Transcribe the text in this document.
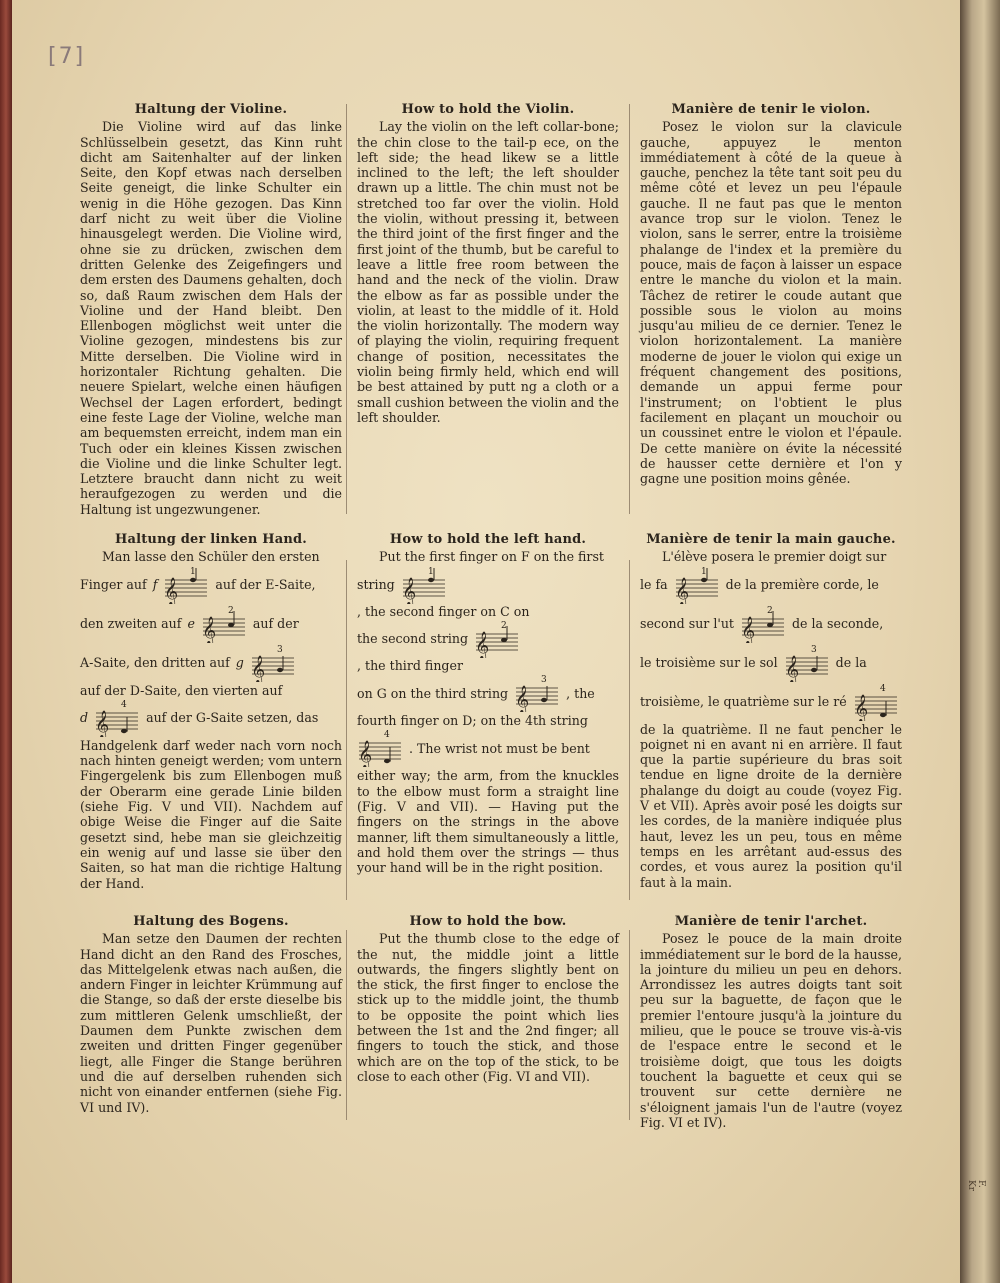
F. Kr
[7]
Haltung der Violine.

Die Violine wird auf das linke Schlüsselbein gesetzt, das Kinn ruht dicht am Saitenhalter auf der linken Seite, den Kopf etwas nach derselben Seite geneigt, die linke Schulter ein wenig in die Höhe gezogen. Das Kinn darf nicht zu weit über die Violine hinausgelegt werden. Die Violine wird, ohne sie zu drücken, zwischen dem dritten Gelenke des Zeigefingers und dem ersten des Daumens gehalten, doch so, daß Raum zwischen dem Hals der Violine und der Hand bleibt. Den Ellenbogen möglichst weit unter die Violine gezogen, mindestens bis zur Mitte derselben. Die Violine wird in horizontaler Richtung gehalten. Die neuere Spielart, welche einen häufigen Wechsel der Lagen erfordert, bedingt eine feste Lage der Violine, welche man am bequemsten erreicht, indem man ein Tuch oder ein kleines Kissen zwischen die Violine und die linke Schulter legt. Letztere braucht dann nicht zu weit heraufgezogen zu werden und die Haltung ist ungezwungener.

Haltung der linken Hand.

Man lasse den Schüler den ersten

Finger auf f 𝄞
1
auf der E-Saite,
den zweiten auf e 𝄞
2
auf der
A-Saite, den dritten auf g 𝄞
3

auf der D-Saite, den vierten auf

d 𝄞
4
auf der G-Saite setzen, das

Handgelenk darf weder nach vorn noch nach hinten geneigt werden; vom untern Fingergelenk bis zum Ellenbogen muß der Oberarm eine gerade Linie bilden (siehe Fig. V und VII). Nachdem auf obige Weise die Finger auf die Saite gesetzt sind, hebe man sie gleichzeitig ein wenig auf und lasse sie über den Saiten, so hat man die richtige Haltung der Hand.

Haltung des Bogens.

Man setze den Daumen der rechten Hand dicht an den Rand des Frosches, das Mittelgelenk etwas nach außen, die andern Finger in leichter Krümmung auf die Stange, so daß der erste dieselbe bis zum mittleren Gelenk umschließt, der Daumen dem Punkte zwischen dem zweiten und dritten Finger gegenüber liegt, alle Finger die Stange berühren und die auf derselben ruhenden sich nicht von einander entfernen (siehe Fig. VI und IV).

How to hold the Violin.

Lay the violin on the left collar-bone; the chin close to the tail-p ece, on the left side; the head likew se a little inclined to the left; the left shoulder drawn up a little. The chin must not be stretched too far over the violin. Hold the violin, without pressing it, between the third joint of the first finger and the first joint of the thumb, but be careful to leave a little free room between the hand and the neck of the violin. Draw the elbow as far as possible under the violin, at least to the middle of it. Hold the violin horizontally. The modern way of playing the violin, requiring frequent change of position, necessitates the violin being firmly held, which end will be best attained by putt ng a cloth or a small cushion between the violin and the left shoulder.

How to hold the left hand.

Put the first finger on F on the first

string 𝄞
1
, the second finger on C on
the second string 𝄞
2
, the third finger
on G on the third string 𝄞
3
, the

fourth finger on D; on the 4th string

𝄞
4
. The wrist not must be bent

either way; the arm, from the knuckles to the elbow must form a straight line (Fig. V and VII). — Having put the fingers on the strings in the above manner, lift them simultaneously a little, and hold them over the strings — thus your hand will be in the right position.

How to hold the bow.

Put the thumb close to the edge of the nut, the middle joint a little outwards, the fingers slightly bent on the stick, the first finger to enclose the stick up to the middle joint, the thumb to be opposite the point which lies between the 1st and the 2nd finger; all fingers to touch the stick, and those which are on the top of the stick, to be close to each other (Fig. VI and VII).

Manière de tenir le violon.

Posez le violon sur la clavicule gauche, appuyez le menton immédiatement à côté de la queue à gauche, penchez la tête tant soit peu du même côté et levez un peu l'épaule gauche. Il ne faut pas que le menton avance trop sur le violon. Tenez le violon, sans le serrer, entre la troisième phalange de l'index et la première du pouce, mais de façon à laisser un espace entre le manche du violon et la main. Tâchez de retirer le coude autant que possible sous le violon au moins jusqu'au milieu de ce dernier. Tenez le violon horizontalement. La manière moderne de jouer le violon qui exige un fréquent changement des positions, demande un appui ferme pour l'instrument; on l'obtient le plus facilement en plaçant un mouchoir ou un coussinet entre le violon et l'épaule. De cette manière on évite la nécessité de hausser cette dernière et l'on y gagne une position moins gênée.

Manière de tenir la main gauche.

L'élève posera le premier doigt sur

le fa 𝄞
1
de la première corde, le
second sur l'ut 𝄞
2
de la seconde,
le troisième sur le sol 𝄞
3
de la
troisième, le quatrième sur le ré 𝄞
4

de la quatrième. Il ne faut pencher le poignet ni en avant ni en arrière. Il faut que la partie supérieure du bras soit tendue en ligne droite de la dernière phalange du doigt au coude (voyez Fig. V et VII). Après avoir posé les doigts sur les cordes, de la manière indiquée plus haut, levez les un peu, tous en même temps en les arrêtant aud-essus des cordes, et vous aurez la position qu'il faut à la main.

Manière de tenir l'archet.

Posez le pouce de la main droite immédiatement sur le bord de la hausse, la jointure du milieu un peu en dehors. Arrondissez les autres doigts tant soit peu sur la baguette, de façon que le premier l'entoure jusqu'à la jointure du milieu, que le pouce se trouve vis-à-vis de l'espace entre le second et le troisième doigt, que tous les doigts touchent la baguette et ceux qui se trouvent sur cette dernière ne s'éloignent jamais l'un de l'autre (voyez Fig. VI et IV).
